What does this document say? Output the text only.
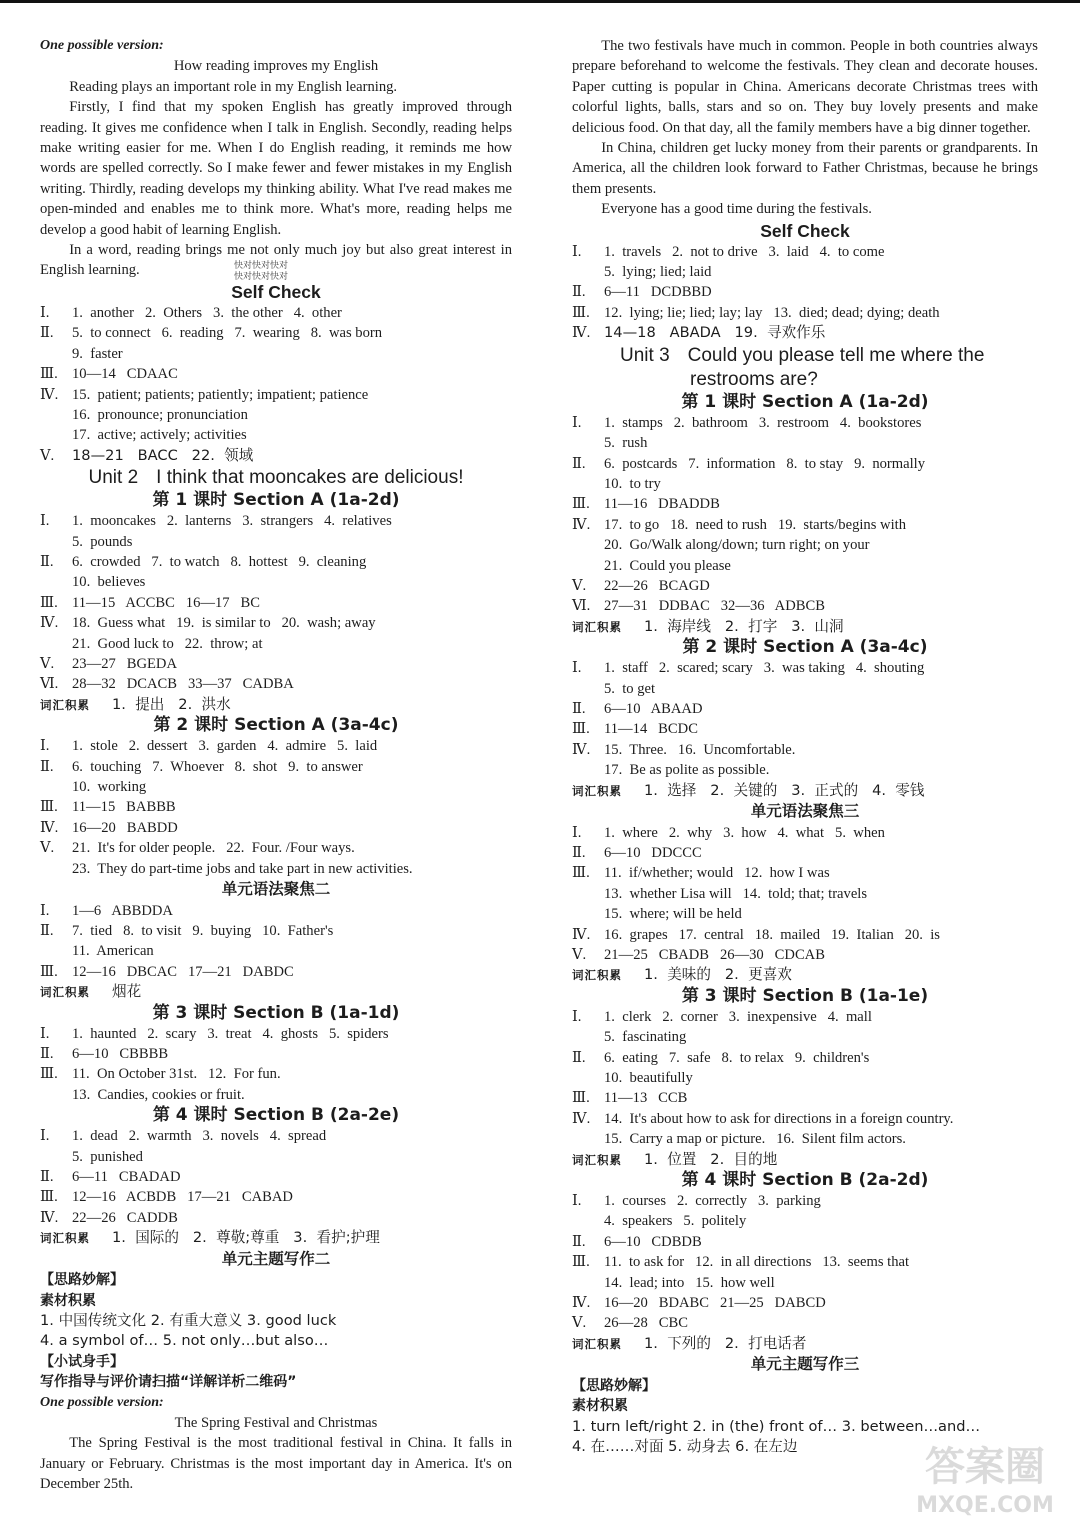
One possible version:
How reading improves my English

Reading plays an important role in my English learning.

Firstly, I find that my spoken English has greatly improved through reading. It gives me confidence when I talk in English. Secondly, reading helps make writing easier for me. When I do English reading, it reminds me how words are spelled correctly. So I make fewer and fewer mistakes in my English writing. Thirdly, reading develops my thinking ability. What I've read makes me open-minded and enables me to think more. What's more, reading helps me develop a good habit of learning English.

In a word, reading brings me not only much joy but also great interest in English learning.

Self Check
Ⅰ.	1.  another   2.  Others   3.  the other   4.  other
Ⅱ.	5.  to connect   6.  reading   7.  wearing   8.  was born
9.  faster
Ⅲ. 10—14   CDAAC
Ⅳ. 15.  patient; patients; patiently; impatient; patience
16.  pronounce; pronunciation
17.  active; actively; activities
Ⅴ.	18—21   BACC   22.  领域
Unit 2 I think that mooncakes are delicious!
第 1 课时 Section A (1a-2d)
Ⅰ.	1.  mooncakes   2.  lanterns   3.  strangers   4.  relatives
5.  pounds
Ⅱ.	6.  crowded   7.  to watch   8.  hottest   9.  cleaning
10.  believes
Ⅲ. 11—15   ACCBC   16—17   BC
Ⅳ. 18.  Guess what   19.  is similar to   20.  wash; away
21.  Good luck to   22.  throw; at
Ⅴ.	23—27   BGEDA
Ⅵ. 28—32   DCACB   33—37   CADBA
词汇积累	1.  提出   2.  洪水
第 2 课时 Section A (3a-4c)
Ⅰ.	1.  stole   2.  dessert   3.  garden   4.  admire   5.  laid
Ⅱ.	6.  touching   7.  Whoever   8.  shot   9.  to answer
10.  working
Ⅲ. 11—15   BABBB
Ⅳ. 16—20   BABDD
Ⅴ.	21.  It's for older people.   22.  Four. /Four ways.
23.  They do part-time jobs and take part in new activities.
单元语法聚焦二
Ⅰ.	1—6   ABBDDA
Ⅱ.	7.  tied   8.  to visit   9.  buying   10.  Father's
11.  American
Ⅲ. 12—16   DBCAC   17—21   DABDC
词汇积累	烟花
第 3 课时 Section B (1a-1d)
Ⅰ.	1.  haunted   2.  scary   3.  treat   4.  ghosts   5.  spiders
Ⅱ.	6—10   CBBBB
Ⅲ. 11.  On October 31st.   12.  For fun.
13.  Candies, cookies or fruit.
第 4 课时 Section B (2a-2e)
Ⅰ.	1.  dead   2.  warmth   3.  novels   4.  spread
5.  punished
Ⅱ.	6—11   CBADAD
Ⅲ. 12—16   ACBDB   17—21   CABAD
Ⅳ. 22—26   CADDB
词汇积累	1.  国际的   2.  尊敬;尊重   3.  看护;护理
单元主题写作二
【思路妙解】
素材积累
1. 中国传统文化 2. 有重大意义 3. good luck
4. a symbol of… 5. not only…but also…
【小试身手】
写作指导与评价请扫描“详解详析二维码”
One possible version:
The Spring Festival and Christmas

The Spring Festival is the most traditional festival in China. It falls in January or February. Christmas is the most important day in America. It's on December 25th.

The two festivals have much in common. People in both countries always prepare beforehand to welcome the festivals. They clean and decorate houses. Paper cutting is popular in China. Americans decorate Christmas trees with colorful lights, balls, stars and so on. They buy lovely presents and make delicious food. On that day, all the family members have a big dinner together.

In China, children get lucky money from their parents or grandparents. In America, all the children look forward to Father Christmas, because he brings them presents.

Everyone has a good time during the festivals.

Self Check
Ⅰ.	1.  travels   2.  not to drive   3.  laid   4.  to come
5.  lying; lied; laid
Ⅱ.	6—11   DCDBBD
Ⅲ. 12.  lying; lie; lied; lay; lay   13.  died; dead; dying; death
Ⅳ. 14—18   ABADA   19.  寻欢作乐
Unit 3 Could you please tell me where the
restrooms are?
第 1 课时 Section A (1a-2d)
Ⅰ.	1.  stamps   2.  bathroom   3.  restroom   4.  bookstores
5.  rush
Ⅱ.	6.  postcards   7.  information   8.  to stay   9.  normally
10.  to try
Ⅲ. 11—16   DBADDB
Ⅳ. 17.  to go   18.  need to rush   19.  starts/begins with
20.  Go/Walk along/down; turn right; on your
21.  Could you please
Ⅴ.	22—26   BCAGD
Ⅵ. 27—31   DDBAC   32—36   ADBCB
词汇积累	1.  海岸线   2.  打字   3.  山洞
第 2 课时 Section A (3a-4c)
Ⅰ.	1.  staff   2.  scared; scary   3.  was taking   4.  shouting
5.  to get
Ⅱ.	6—10   ABAAD
Ⅲ. 11—14   BCDC
Ⅳ. 15.  Three.   16.  Uncomfortable.
17.  Be as polite as possible.
词汇积累	1.  选择   2.  关键的   3.  正式的   4.  零钱
单元语法聚焦三
Ⅰ.	1.  where   2.  why   3.  how   4.  what   5.  when
Ⅱ.	6—10   DDCCC
Ⅲ. 11.  if/whether; would   12.  how I was
13.  whether Lisa will   14.  told; that; travels
15.  where; will be held
Ⅳ. 16.  grapes   17.  central   18.  mailed   19.  Italian   20.  is
Ⅴ.	21—25   CBADB   26—30   CDCAB
词汇积累	1.  美味的   2.  更喜欢
第 3 课时 Section B (1a-1e)
Ⅰ.	1.  clerk   2.  corner   3.  inexpensive   4.  mall
5.  fascinating
Ⅱ.	6.  eating   7.  safe   8.  to relax   9.  children's
10.  beautifully
Ⅲ. 11—13   CCB
Ⅳ. 14.  It's about how to ask for directions in a foreign country.
15.  Carry a map or picture.   16.  Silent film actors.
词汇积累	1.  位置   2.  目的地
第 4 课时 Section B (2a-2d)
Ⅰ.	1.  courses   2.  correctly   3.  parking
4.  speakers   5.  politely
Ⅱ.	6—10   CDBDB
Ⅲ. 11.  to ask for   12.  in all directions   13.  seems that
14.  lead; into   15.  how well
Ⅳ. 16—20   BDABC   21—25   DABCD
Ⅴ.	26—28   CBC
词汇积累	1.  下列的   2.  打电话者
单元主题写作三
【思路妙解】
素材积累
1. turn left/right 2. in (the) front of… 3. between…and…
4. 在……对面 5. 动身去 6. 在左边
快对快对快对
快对快对快对
答案圈
MXQE.COM
